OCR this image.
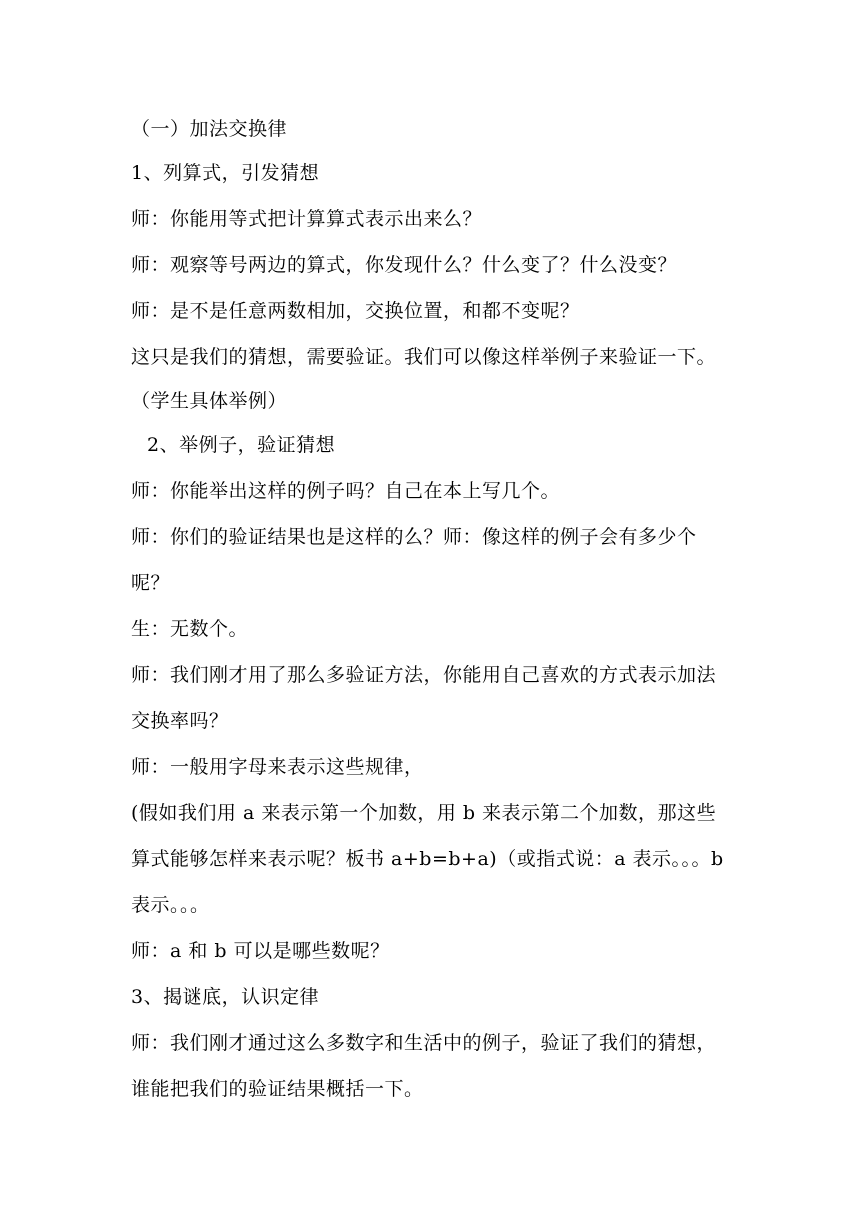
（一）加法交换律
1、列算式，引发猜想
师：你能用等式把计算算式表示出来么？
师：观察等号两边的算式，你发现什么？什么变了？什么没变？
师：是不是任意两数相加，交换位置，和都不变呢？
这只是我们的猜想，需要验证。我们可以像这样举例子来验证一下。
（学生具体举例）
2、举例子，验证猜想
师：你能举出这样的例子吗？自己在本上写几个。
师：你们的验证结果也是这样的么？师：像这样的例子会有多少个呢？
生：无数个。
师：我们刚才用了那么多验证方法，你能用自己喜欢的方式表示加法交换率吗？
师：一般用字母来表示这些规律，
(假如我们用 a 来表示第一个加数，用 b 来表示第二个加数，那这些算式能够怎样来表示呢？板书 a+b=b+a)（或指式说：a 表示。。。b 表示。。。
师：a 和 b 可以是哪些数呢？
3、揭谜底，认识定律
师：我们刚才通过这么多数字和生活中的例子，验证了我们的猜想，谁能把我们的验证结果概括一下。
